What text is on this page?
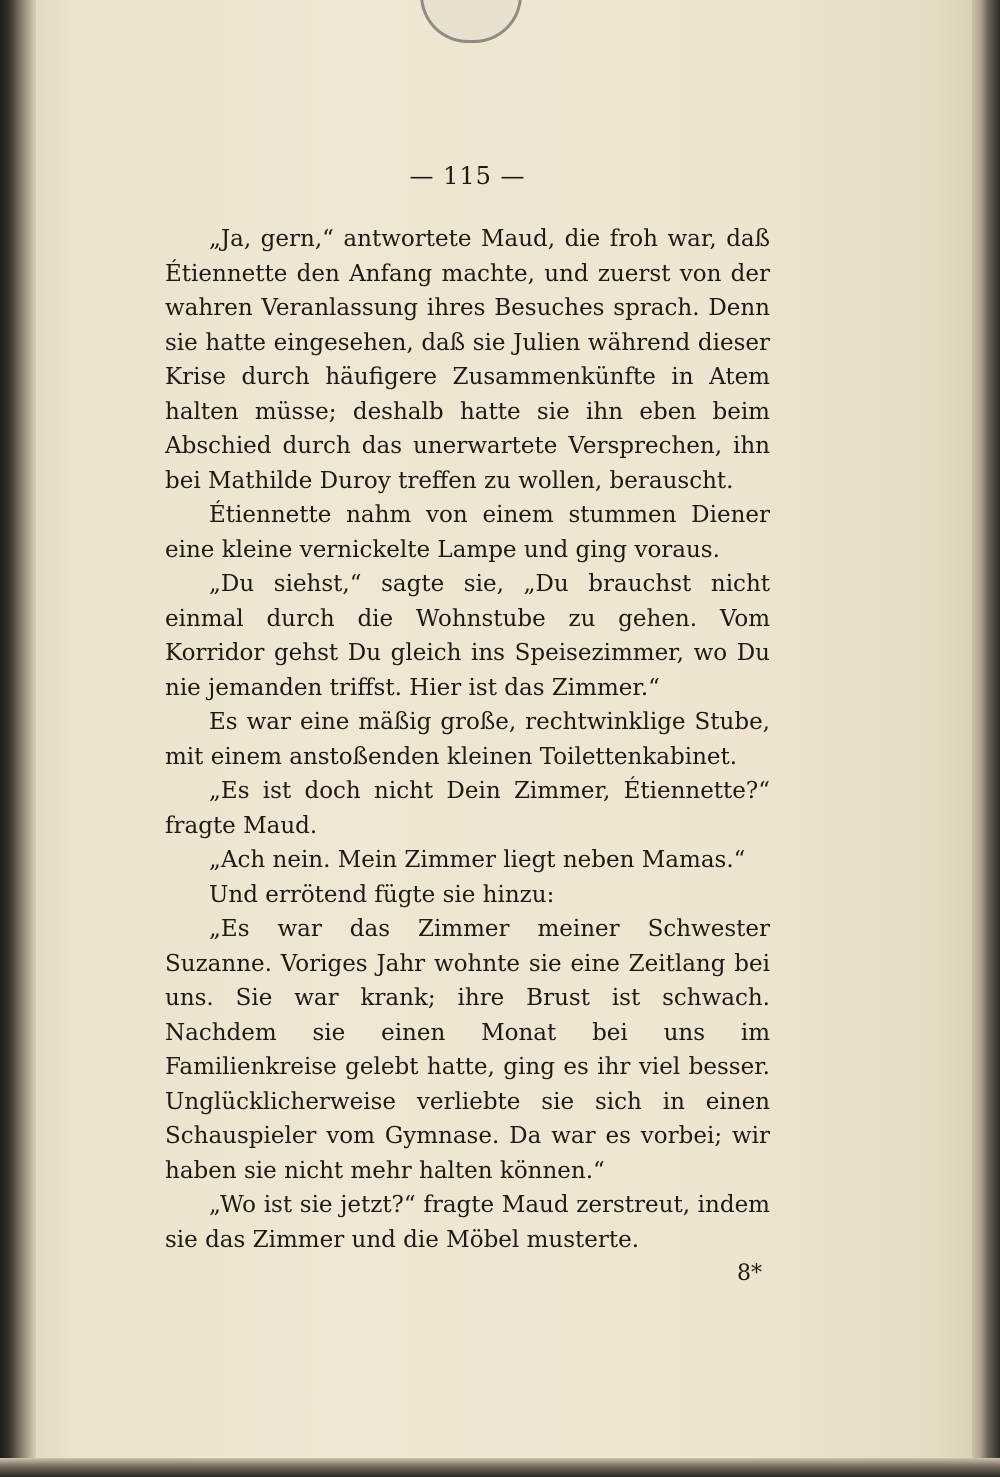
— 115 —

„Ja, gern,“ antwortete Maud, die froh war, daß Étiennette den Anfang machte, und zuerst von der wahren Veranlassung ihres Besuches sprach. Denn sie hatte eingesehen, daß sie Julien während dieser Krise durch häufigere Zusammenkünfte in Atem halten müsse; deshalb hatte sie ihn eben beim Abschied durch das unerwartete Versprechen, ihn bei Mathilde Duroy treffen zu wollen, berauscht.

Étiennette nahm von einem stummen Diener eine kleine vernickelte Lampe und ging voraus.

„Du siehst,“ sagte sie, „Du brauchst nicht einmal durch die Wohnstube zu gehen. Vom Korridor gehst Du gleich ins Speisezimmer, wo Du nie jemanden triffst. Hier ist das Zimmer.“

Es war eine mäßig große, rechtwinklige Stube, mit einem anstoßenden kleinen Toilettenkabinet.

„Es ist doch nicht Dein Zimmer, Étiennette?“ fragte Maud.

„Ach nein. Mein Zimmer liegt neben Mamas.“

Und errötend fügte sie hinzu:

„Es war das Zimmer meiner Schwester Suzanne. Voriges Jahr wohnte sie eine Zeitlang bei uns. Sie war krank; ihre Brust ist schwach. Nachdem sie einen Monat bei uns im Familienkreise gelebt hatte, ging es ihr viel besser. Unglücklicherweise verliebte sie sich in einen Schauspieler vom Gymnase. Da war es vorbei; wir haben sie nicht mehr halten können.“

„Wo ist sie jetzt?“ fragte Maud zerstreut, indem sie das Zimmer und die Möbel musterte.

8*
